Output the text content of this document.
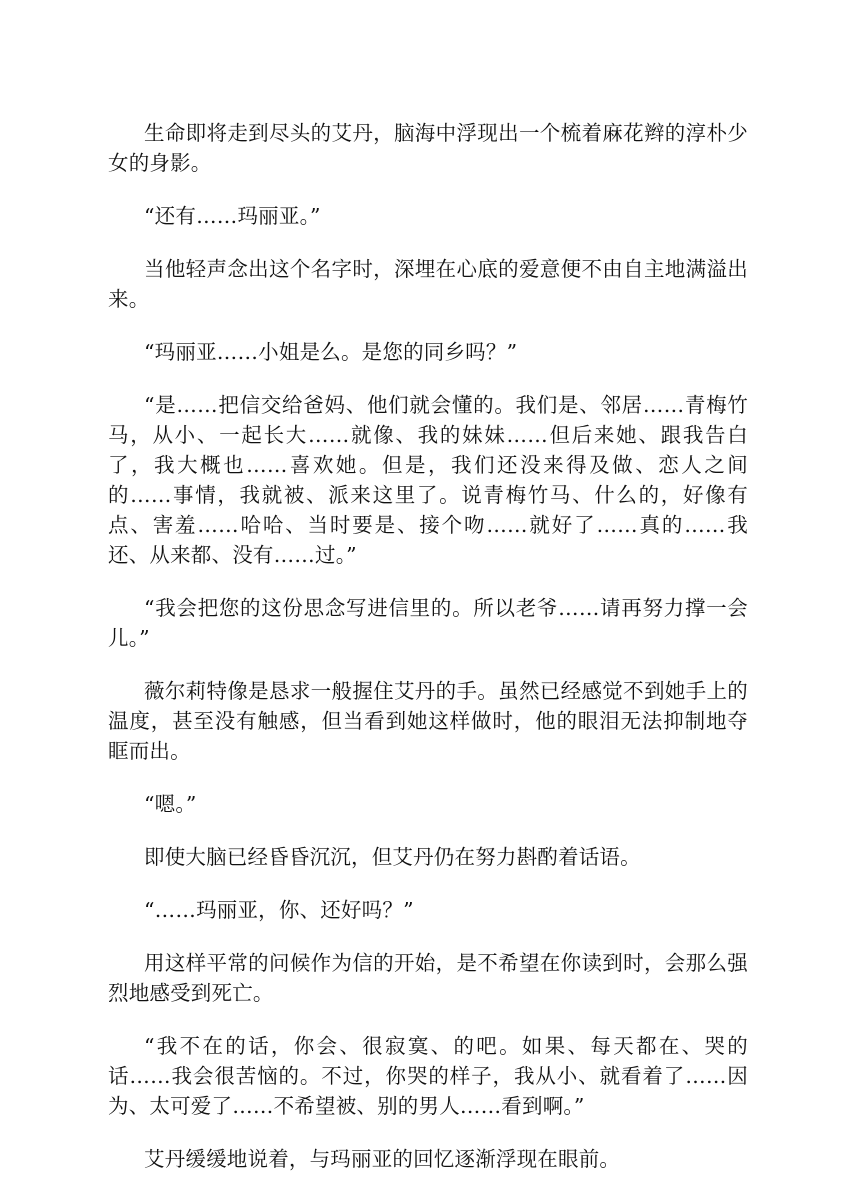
生命即将走到尽头的艾丹，脑海中浮现出一个梳着麻花辫的淳朴少女的身影。

“还有……玛丽亚。”

当他轻声念出这个名字时，深埋在心底的爱意便不由自主地满溢出来。

“玛丽亚……小姐是么。是您的同乡吗？”

“是……把信交给爸妈、他们就会懂的。我们是、邻居……青梅竹马，从小、一起长大……就像、我的妹妹……但后来她、跟我告白了，我大概也……喜欢她。但是，我们还没来得及做、恋人之间的……事情，我就被、派来这里了。说青梅竹马、什么的，好像有点、害羞……哈哈、当时要是、接个吻……就好了……真的……我还、从来都、没有……过。”

“我会把您的这份思念写进信里的。所以老爷……请再努力撑一会儿。”

薇尔莉特像是恳求一般握住艾丹的手。虽然已经感觉不到她手上的温度，甚至没有触感，但当看到她这样做时，他的眼泪无法抑制地夺眶而出。

“嗯。”

即使大脑已经昏昏沉沉，但艾丹仍在努力斟酌着话语。

“……玛丽亚，你、还好吗？”

用这样平常的问候作为信的开始，是不希望在你读到时，会那么强烈地感受到死亡。

“我不在的话，你会、很寂寞、的吧。如果、每天都在、哭的话……我会很苦恼的。不过，你哭的样子，我从小、就看着了……因为、太可爱了……不希望被、别的男人……看到啊。”

艾丹缓缓地说着，与玛丽亚的回忆逐渐浮现在眼前。
